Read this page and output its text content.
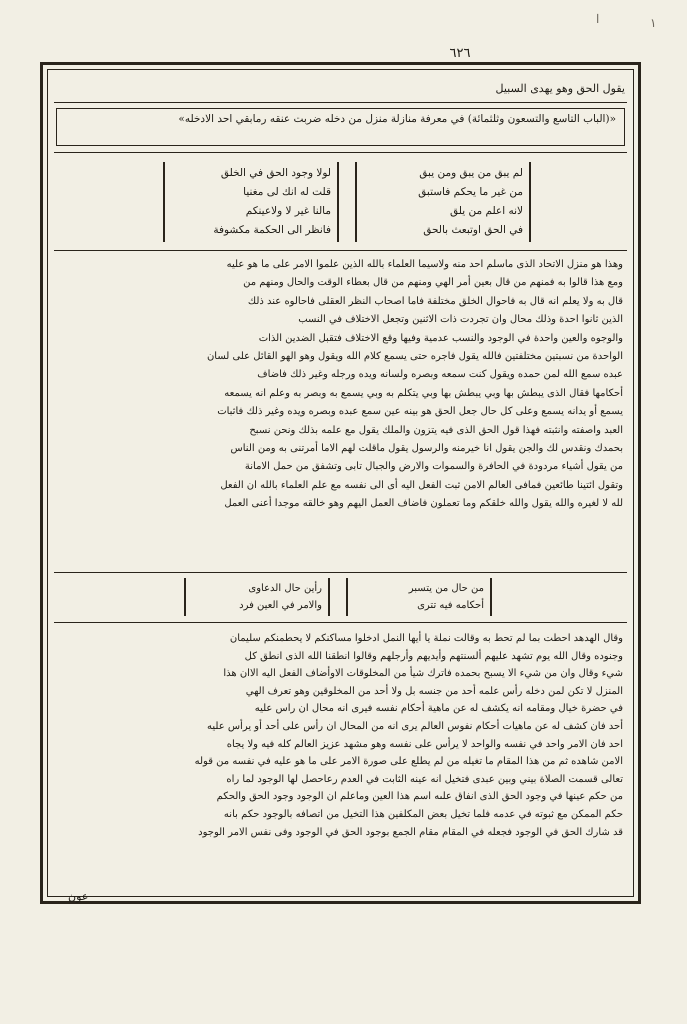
ا	١
٦٢٦
يقول الحق وهو يهدى السبيل
«(الباب التاسع والتسعون وثلثمائة) في معرفة منازلة منزل من دخله ضربت عنقه رمابقي احد الادخله»
لولا وجود الحق في الخلق
قلت له انك لى مغنيا
مالنا غير لا ولاعينكم
فانظر الى الحكمة مكشوفة
لم يبق من يبق ومن يبق
من غير ما يحكم فاستبق
لانه اعلم من يلق
في الحق اوتبعث بالحق

وهذا هو منزل الاتحاد الذى ماسلم احد منه ولاسيما العلماء بالله الذين علموا الامر على ما هو عليه

ومع هذا قالوا به فمنهم من قال بعين أمر الهي ومنهم من قال بعطاء الوقت والحال ومنهم من

قال به ولا يعلم انه قال به فاحوال الخلق مختلفة فاما اصحاب النظر العقلى فاحالوه عند ذلك

الذين ثانوا احدة وذلك محال وان تجردت ذات الاثنين وتجعل الاختلاف في النسب

والوجوه والعين واحدة في الوجود والنسب عدمية وفيها وقع الاختلاف فتقبل الضدين الذات

الواحدة من نسبتين مختلفتين فالله يقول فاجره حتى يسمع كلام الله ويقول وهو الهو القائل على لسان

عبده سمع الله لمن حمده ويقول كنت سمعه وبصره ولسانه ويده ورجله وغير ذلك فاضاف

أحكامها فقال الذى يبطش بها وبي يبطش بها وبي يتكلم به وبي يسمع به وبصر به وعلم انه يسمعه

يسمع أو يدانه يسمع وعلى كل حال جعل الحق هو بينه عين سمع عبده وبصره ويده وغير ذلك فاثبات

العبد واصفته وانثبته فهذا قول الحق الذى فيه يتزون والملك يقول مع علمه بذلك ونحن نسبح

بحمدك ونقدس لك والجن يقول انا خيرمنه والرسول يقول ماقلت لهم الاما أمرتنى به ومن الناس

من يقول أشياء مردودة في الحافرة والسموات والارض والجبال تابى وتشفق من حمل الامانة

وتقول ائتينا طائعين فمافى العالم الامن ثبت الفعل اليه أى الى نفسه مع علم العلماء بالله ان الفعل

لله لا لغيره والله يقول والله خلقكم وما تعملون فاضاف العمل اليهم وهو خالقه موجدا أعنى العمل

رأين حال الدعاوى
والامر في العين فرد
من حال من يتسبر
أحكامه فيه تترى

وقال الهدهد احطت بما لم تحط به وقالت نملة يا أيها النمل ادخلوا مساكنكم لا يحطمنكم سليمان

وجنوده وقال الله يوم تشهد عليهم ألسنتهم وأيديهم وأرجلهم وقالوا انطقنا الله الذى انطق كل

شيء وقال وان من شيء الا يسبح بحمده فاترك شيأ من المخلوقات الاوأضاف الفعل اليه الاان هذا

المنزل لا تكن لمن دخله رأس علمه أحد من جنسه بل ولا أحد من المخلوقين وهو تعرف الهي

في حضرة خيال ومقامه انه يكشف له عن ماهية أحكام نفسه فيرى انه محال ان راس عليه

أحد فان كشف له عن ماهيات أحكام نفوس العالم يرى انه من المحال ان رأس على أحد أو يرأس عليه

احد فان الامر واحد في نفسه والواحد لا يرأس على نفسه وهو مشهد عزيز العالم كله فيه ولا يجاه

الامن شاهده ثم من هذا المقام ما تغيله من لم يطلع على صورة الامر على ما هو عليه في نفسه من قوله

تعالى قسمت الصلاة بيني وبين عبدى فتخيل انه عينه الثابت في العدم رعاحصل لها الوجود لما راه

من حكم عينها في وجود الحق الذى انفاق علىه اسم هذا العين وماعلم ان الوجود وجود الحق والحكم

حكم الممكن مع ثبوته في عدمه فلما تخيل بعض المكلفين هذا التخيل من اتصافه بالوجود حكم بانه

قد شارك الحق في الوجود فجعله في المقام مقام الجمع بوجود الحق في الوجود وفى نفس الامر الوجود

عون
